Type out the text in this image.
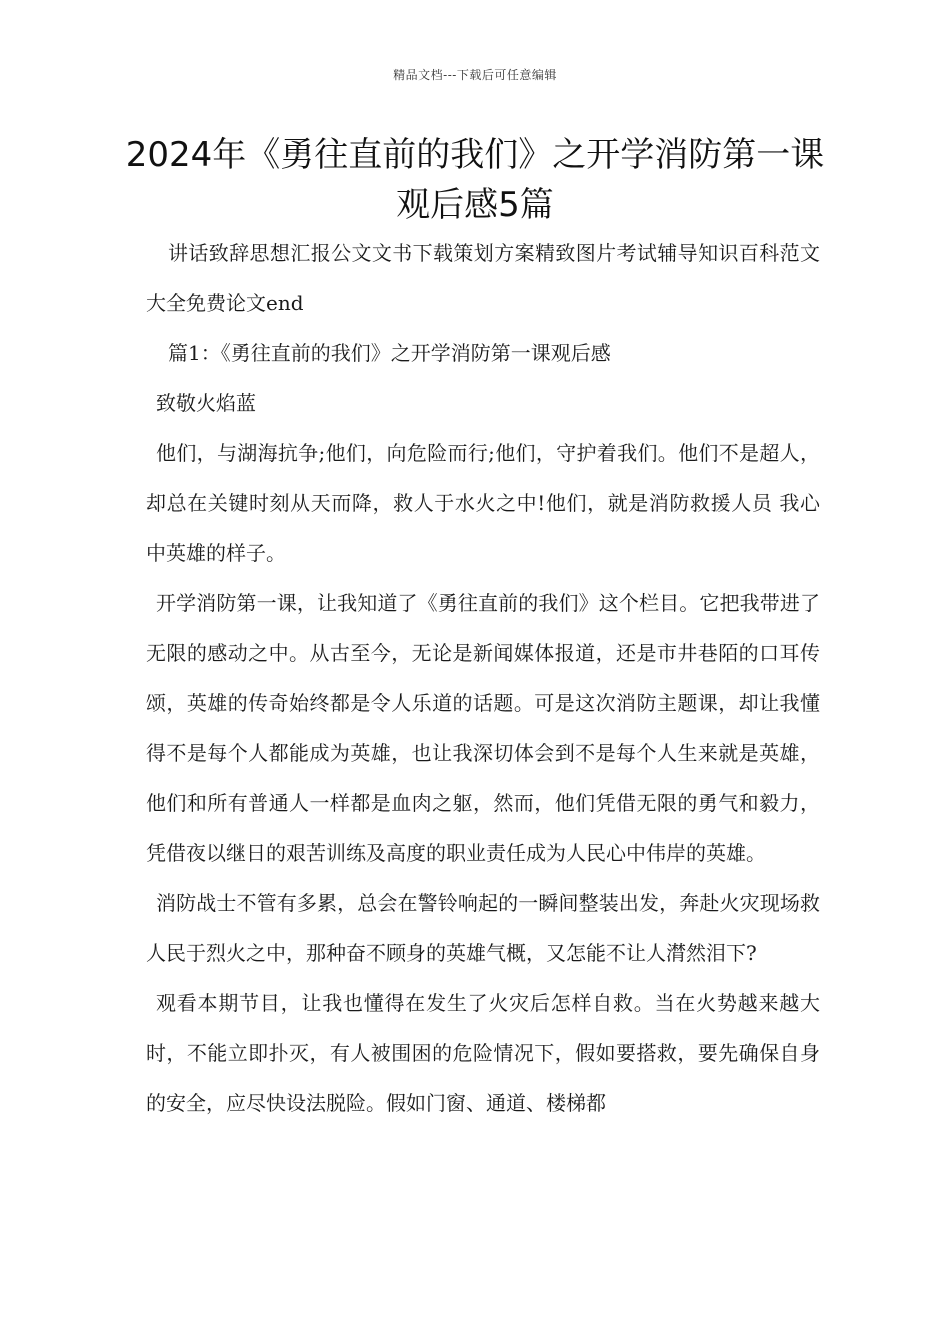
精品文档---下载后可任意编辑
2024年《勇往直前的我们》之开学消防第一课观后感5篇

讲话致辞思想汇报公文文书下载策划方案精致图片考试辅导知识百科范文大全免费论文end

篇1：《勇往直前的我们》之开学消防第一课观后感

致敬火焰蓝

他们，与湖海抗争;他们，向危险而行;他们，守护着我们。他们不是超人，却总在关键时刻从天而降，救人于水火之中!他们，就是消防救援人员 我心中英雄的样子。

开学消防第一课，让我知道了《勇往直前的我们》这个栏目。它把我带进了无限的感动之中。从古至今，无论是新闻媒体报道，还是市井巷陌的口耳传颂，英雄的传奇始终都是令人乐道的话题。可是这次消防主题课，却让我懂得不是每个人都能成为英雄，也让我深切体会到不是每个人生来就是英雄，他们和所有普通人一样都是血肉之躯，然而，他们凭借无限的勇气和毅力，凭借夜以继日的艰苦训练及高度的职业责任成为人民心中伟岸的英雄。

消防战士不管有多累，总会在警铃响起的一瞬间整装出发，奔赴火灾现场救人民于烈火之中，那种奋不顾身的英雄气概，又怎能不让人潸然泪下?

观看本期节目，让我也懂得在发生了火灾后怎样自救。当在火势越来越大时，不能立即扑灭，有人被围困的危险情况下，假如要搭救，要先确保自身的安全，应尽快设法脱险。假如门窗、通道、楼梯都
